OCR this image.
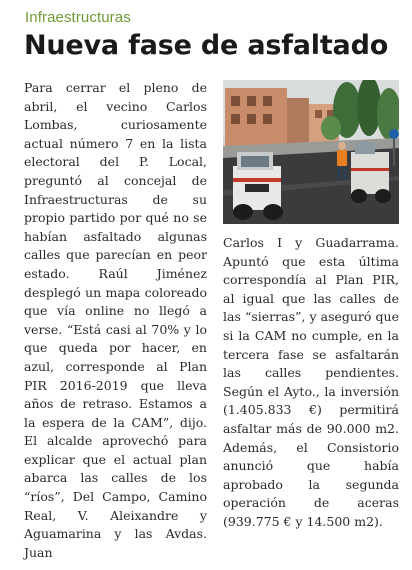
Infraestructuras
Nueva fase de asfaltado
Para cerrar el pleno de abril, el vecino Carlos Lombas, curiosamente actual número 7 en la lista electoral del P. Local, preguntó al concejal de Infraestructuras de su propio partido por qué no se habían asfaltado algunas calles que parecían en peor estado. Raúl Jiménez desplegó un mapa coloreado que vía online no llegó a verse. “Está casi al 70% y lo que queda por hacer, en azul, corresponde al Plan PIR 2016-2019 que lleva años de retraso. Estamos a la espera de la CAM”, dijo. El alcalde aprovechó para explicar que el actual plan abarca las calles de los “ríos”, Del Campo, Camino Real, V. Aleixandre y Aguamarina y las Avdas. Juan
Carlos I y Guadarrama. Apuntó que esta última correspondía al Plan PIR, al igual que las calles de las “sierras”, y aseguró que si la CAM no cumple, en la tercera fase se asfaltarán las calles pendientes. Según el Ayto., la inversión (1.405.833 €) permitirá asfaltar más de 90.000 m2. Además, el Consistorio anunció que había aprobado la segunda operación de aceras (939.775 € y 14.500 m2).
